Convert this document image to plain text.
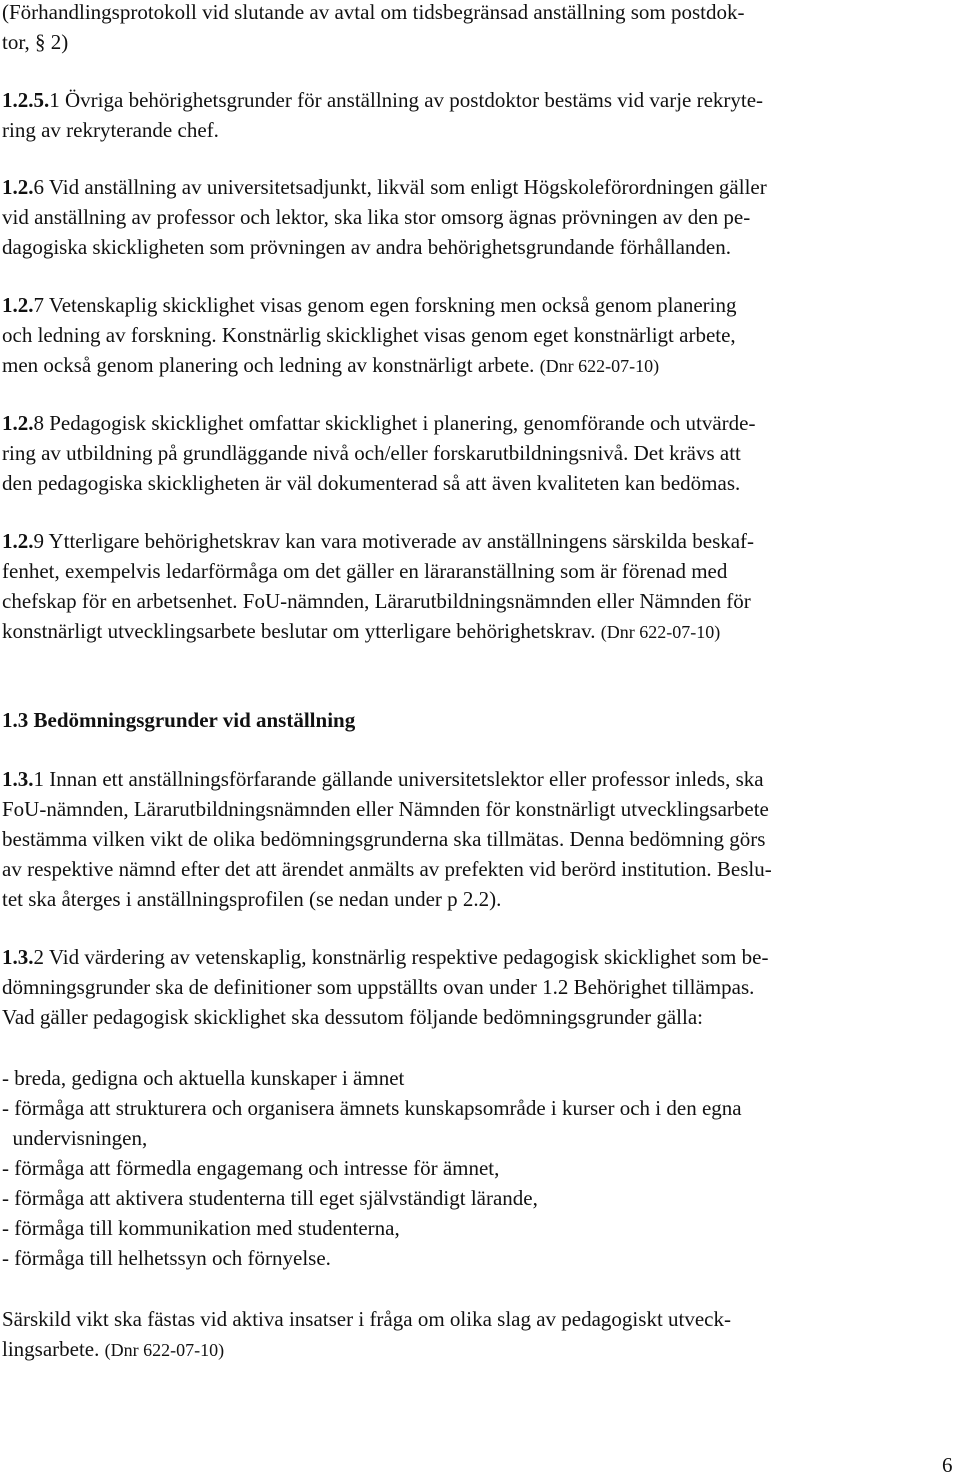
(Förhandlingsprotokoll vid slutande av avtal om tidsbegränsad anställning som postdok-
tor, § 2)
1.2.5.1 Övriga behörighetsgrunder för anställning av postdoktor bestäms vid varje rekryte-
ring av rekryterande chef.
1.2.6 Vid anställning av universitetsadjunkt, likväl som enligt Högskoleförordningen gäller
vid anställning av professor och lektor, ska lika stor omsorg ägnas prövningen av den pe-
dagogiska skickligheten som prövningen av andra behörighetsgrundande förhållanden.
1.2.7 Vetenskaplig skicklighet visas genom egen forskning men också genom planering
och ledning av forskning. Konstnärlig skicklighet visas genom eget konstnärligt arbete,
men också genom planering och ledning av konstnärligt arbete. (Dnr 622-07-10)
1.2.8 Pedagogisk skicklighet omfattar skicklighet i planering, genomförande och utvärde-
ring av utbildning på grundläggande nivå och/eller forskarutbildningsnivå. Det krävs att
den pedagogiska skickligheten är väl dokumenterad så att även kvaliteten kan bedömas.
1.2.9 Ytterligare behörighetskrav kan vara motiverade av anställningens särskilda beskaf-
fenhet, exempelvis ledarförmåga om det gäller en läraranställning som är förenad med
chefskap för en arbetsenhet. FoU-nämnden, Lärarutbildningsnämnden eller Nämnden för
konstnärligt utvecklingsarbete beslutar om ytterligare behörighetskrav. (Dnr 622-07-10)
1.3 Bedömningsgrunder vid anställning
1.3.1 Innan ett anställningsförfarande gällande universitetslektor eller professor inleds, ska
FoU-nämnden, Lärarutbildningsnämnden eller Nämnden för konstnärligt utvecklingsarbete
bestämma vilken vikt de olika bedömningsgrunderna ska tillmätas. Denna bedömning görs
av respektive nämnd efter det att ärendet anmälts av prefekten vid berörd institution. Beslu-
tet ska återges i anställningsprofilen (se nedan under p 2.2).
1.3.2 Vid värdering av vetenskaplig, konstnärlig respektive pedagogisk skicklighet som be-
dömningsgrunder ska de definitioner som uppställts ovan under 1.2 Behörighet tillämpas.
Vad gäller pedagogisk skicklighet ska dessutom följande bedömningsgrunder gälla:
- breda, gedigna och aktuella kunskaper i ämnet
- förmåga att strukturera och organisera ämnets kunskapsområde i kurser och i den egna
undervisningen,
- förmåga att förmedla engagemang och intresse för ämnet,
- förmåga att aktivera studenterna till eget självständigt lärande,
- förmåga till kommunikation med studenterna,
- förmåga till helhetssyn och förnyelse.
Särskild vikt ska fästas vid aktiva insatser i fråga om olika slag av pedagogiskt utveck-
lingsarbete. (Dnr 622-07-10)
6
